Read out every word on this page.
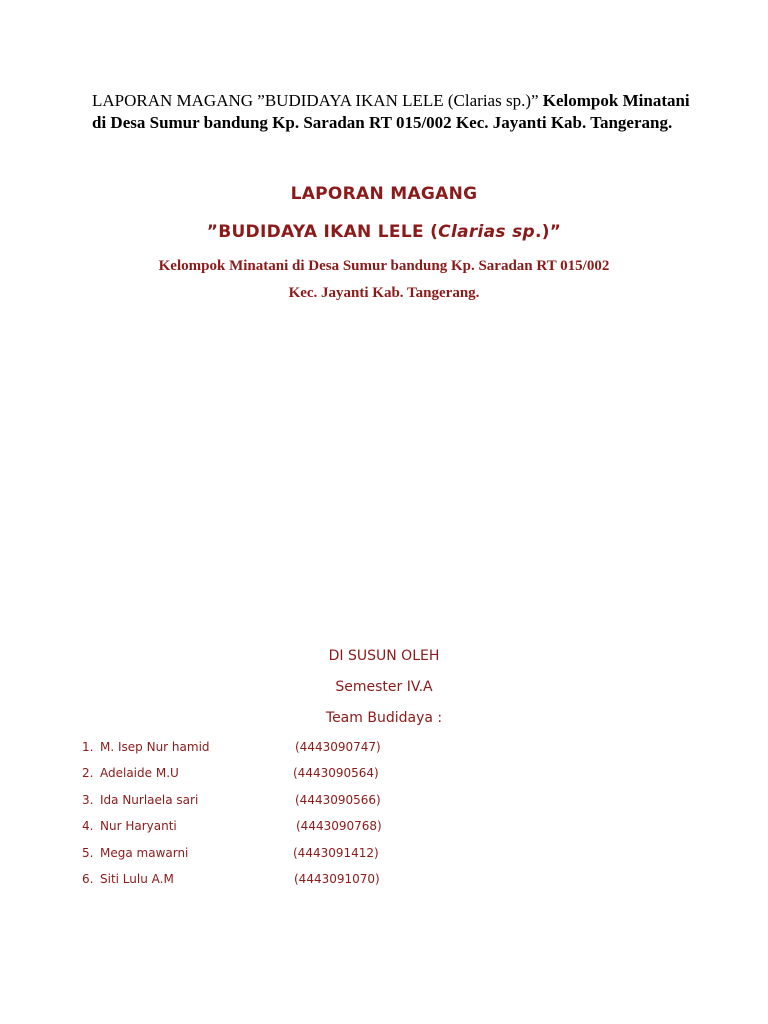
LAPORAN MAGANG ”BUDIDAYA IKAN LELE (Clarias sp.)” Kelompok Minatani di Desa Sumur bandung Kp. Saradan RT 015/002 Kec. Jayanti Kab. Tangerang.
LAPORAN MAGANG
”BUDIDAYA IKAN LELE (Clarias sp.)”
Kelompok Minatani di Desa Sumur bandung Kp. Saradan RT 015/002
Kec. Jayanti Kab. Tangerang.
DI SUSUN OLEH
Semester IV.A
Team Budidaya :
1. M. Isep Nur hamid	(4443090747)
2. Adelaide M.U	(4443090564)
3. Ida Nurlaela sari	(4443090566)
4. Nur Haryanti	(4443090768)
5. Mega mawarni	(4443091412)
6. Siti Lulu A.M	(4443091070)
